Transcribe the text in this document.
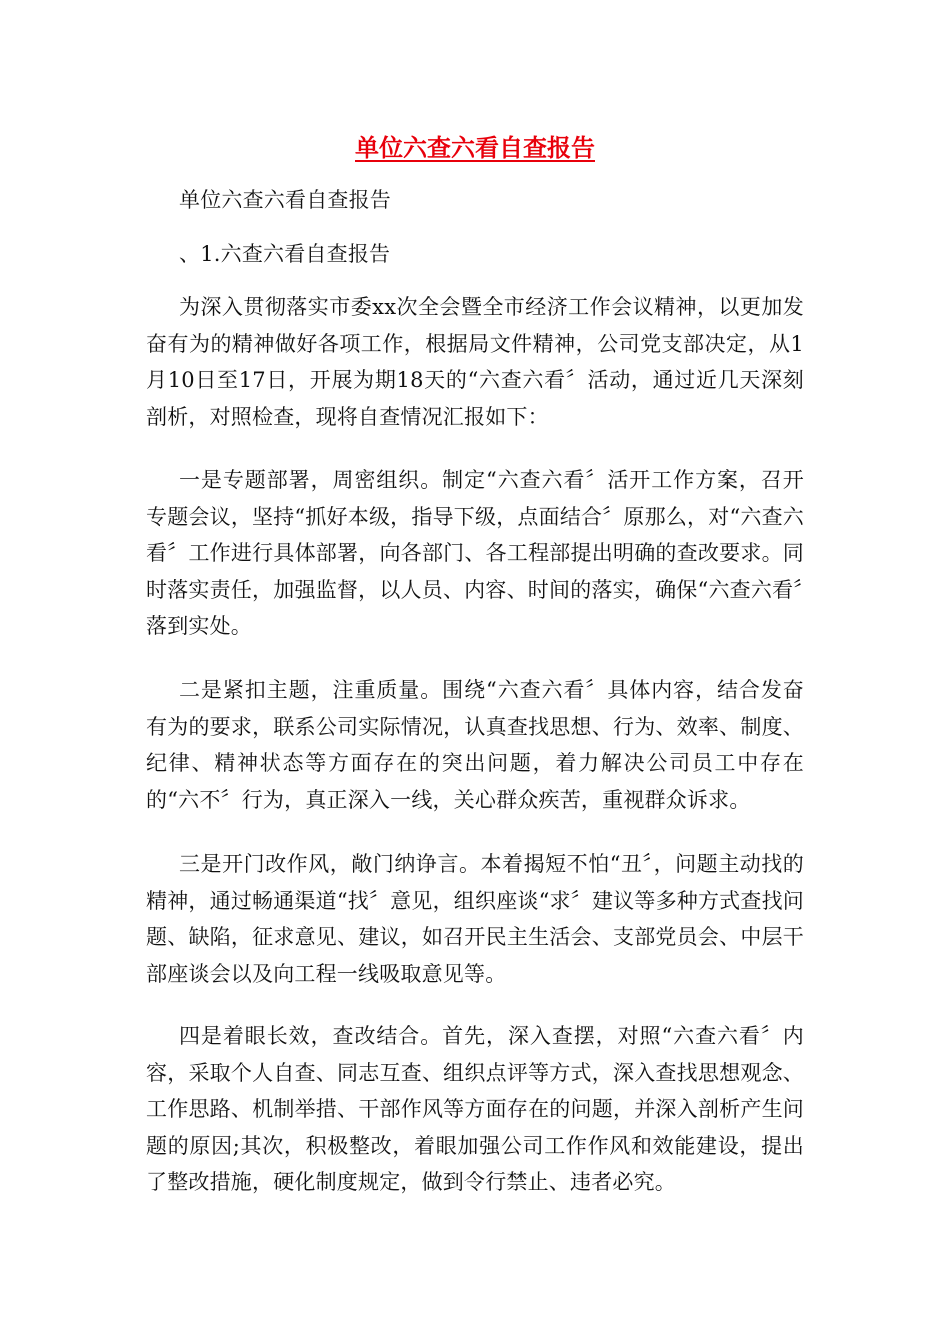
单位六查六看自查报告

单位六查六看自查报告

、1.六查六看自查报告

为深入贯彻落实市委xx次全会暨全市经济工作会议精神，以更加发奋有为的精神做好各项工作，根据局文件精神，公司党支部决定，从1月10日至17日，开展为期18天的“六查六看〞活动，通过近几天深刻剖析，对照检查，现将自查情况汇报如下：

一是专题部署，周密组织。制定“六查六看〞活开工作方案，召开专题会议，坚持“抓好本级，指导下级，点面结合〞原那么，对“六查六看〞工作进行具体部署，向各部门、各工程部提出明确的查改要求。同时落实责任，加强监督，以人员、内容、时间的落实，确保“六查六看〞落到实处。

二是紧扣主题，注重质量。围绕“六查六看〞具体内容，结合发奋有为的要求，联系公司实际情况，认真查找思想、行为、效率、制度、纪律、精神状态等方面存在的突出问题，着力解决公司员工中存在的“六不〞行为，真正深入一线，关心群众疾苦，重视群众诉求。

三是开门改作风，敞门纳诤言。本着揭短不怕“丑〞，问题主动找的精神，通过畅通渠道“找〞意见，组织座谈“求〞建议等多种方式查找问题、缺陷，征求意见、建议，如召开民主生活会、支部党员会、中层干部座谈会以及向工程一线吸取意见等。

四是着眼长效，查改结合。首先，深入查摆，对照“六查六看〞内容，采取个人自查、同志互查、组织点评等方式，深入查找思想观念、工作思路、机制举措、干部作风等方面存在的问题，并深入剖析产生问题的原因;其次，积极整改，着眼加强公司工作作风和效能建设，提出了整改措施，硬化制度规定，做到令行禁止、违者必究。
